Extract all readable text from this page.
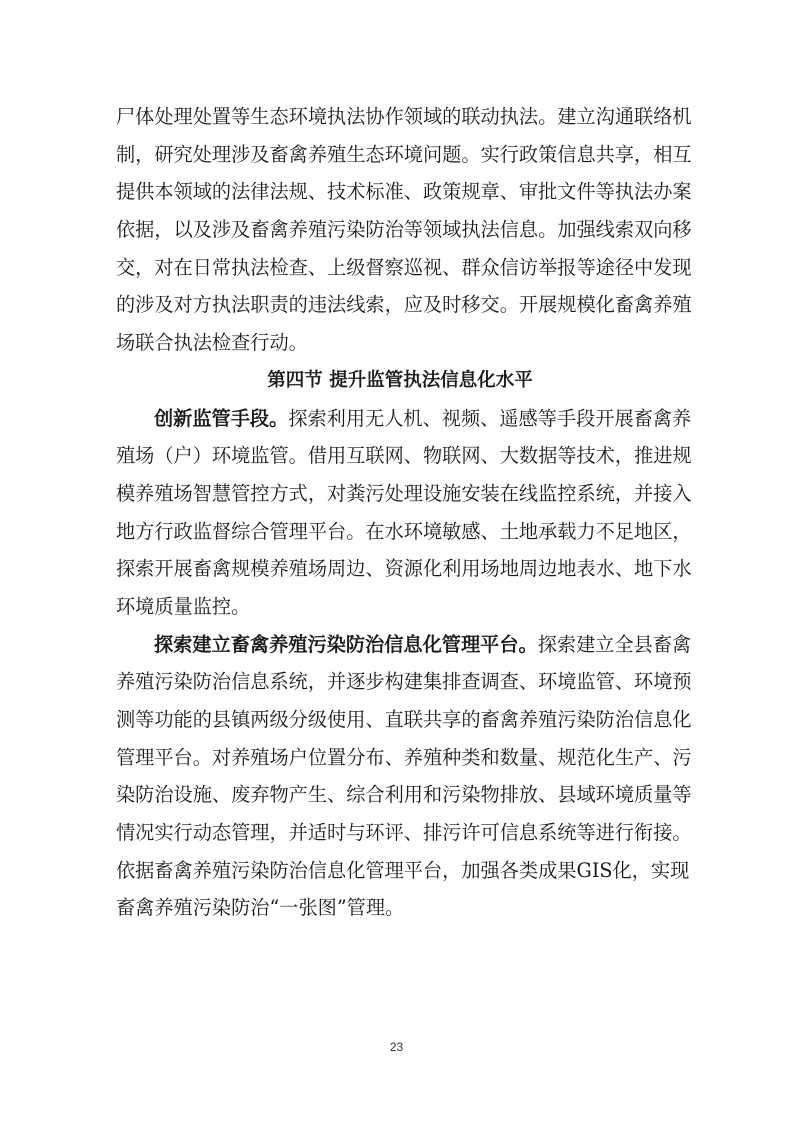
尸体处理处置等生态环境执法协作领域的联动执法。建立沟通联络机
制，研究处理涉及畜禽养殖生态环境问题。实行政策信息共享，相互
提供本领域的法律法规、技术标准、政策规章、审批文件等执法办案
依据，以及涉及畜禽养殖污染防治等领域执法信息。加强线索双向移
交，对在日常执法检查、上级督察巡视、群众信访举报等途径中发现
的涉及对方执法职责的违法线索，应及时移交。开展规模化畜禽养殖
场联合执法检查行动。
第四节 提升监管执法信息化水平
创新监管手段。探索利用无人机、视频、遥感等手段开展畜禽养
殖场（户）环境监管。借用互联网、物联网、大数据等技术，推进规
模养殖场智慧管控方式，对粪污处理设施安装在线监控系统，并接入
地方行政监督综合管理平台。在水环境敏感、土地承载力不足地区，
探索开展畜禽规模养殖场周边、资源化利用场地周边地表水、地下水
环境质量监控。
探索建立畜禽养殖污染防治信息化管理平台。探索建立全县畜禽
养殖污染防治信息系统，并逐步构建集排查调查、环境监管、环境预
测等功能的县镇两级分级使用、直联共享的畜禽养殖污染防治信息化
管理平台。对养殖场户位置分布、养殖种类和数量、规范化生产、污
染防治设施、废弃物产生、综合利用和污染物排放、县域环境质量等
情况实行动态管理，并适时与环评、排污许可信息系统等进行衔接。
依据畜禽养殖污染防治信息化管理平台，加强各类成果GIS化，实现
畜禽养殖污染防治“一张图”管理。
23
